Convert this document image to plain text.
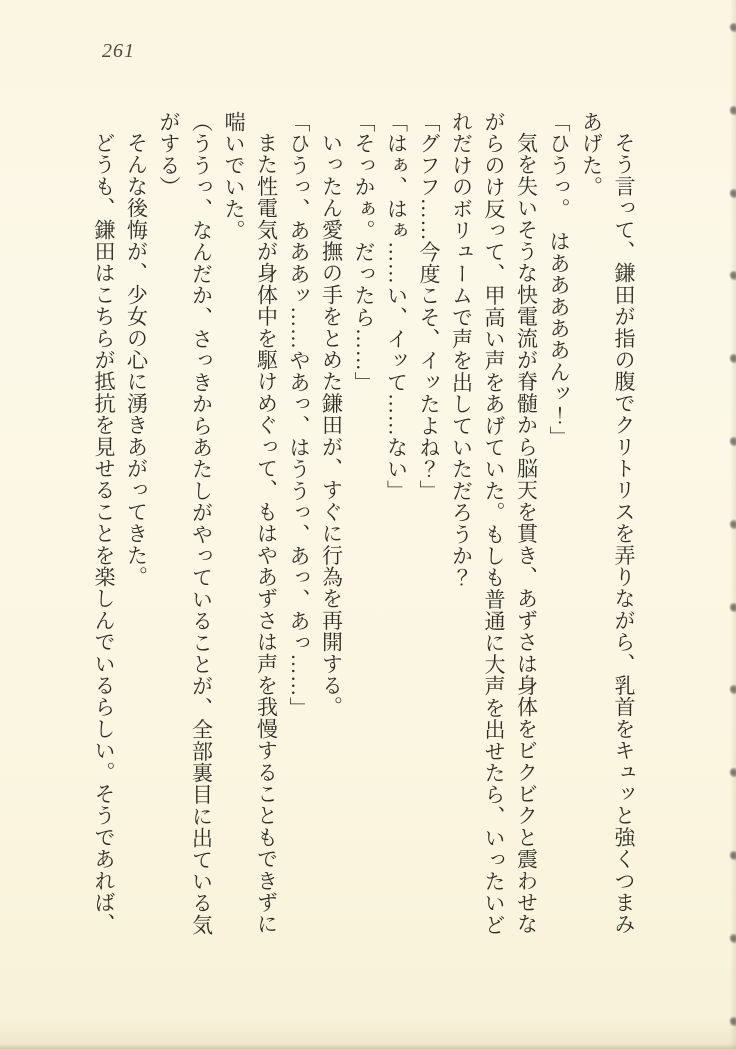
261

そう言って、鎌田が指の腹でクリトリスを弄りながら、乳首をキュッと強くつまみあげた。

「ひうっ。　はあああああんッ！」

気を失いそうな快電流が脊髄から脳天を貫き、あずさは身体をビクビクと震わせながらのけ反って、甲高い声をあげていた。もしも普通に大声を出せたら、いったいどれだけのボリュームで声を出していただろうか？

「グフフ……今度こそ、イッたよね？」

「はぁ、はぁ……い、イッて……ない」

「そっかぁ。だったら……」

いったん愛撫の手をとめた鎌田が、すぐに行為を再開する。

「ひうっ、あああッ……やあっ、はううっ、あっ、あっ……」

また性電気が身体中を駆けめぐって、もはやあずさは声を我慢することもできずに喘いでいた。

（ううっ、なんだか、さっきからあたしがやっていることが、全部裏目に出ている気がする）

そんな後悔が、少女の心に湧きあがってきた。

どうも、鎌田はこちらが抵抗を見せることを楽しんでいるらしい。そうであれば、
